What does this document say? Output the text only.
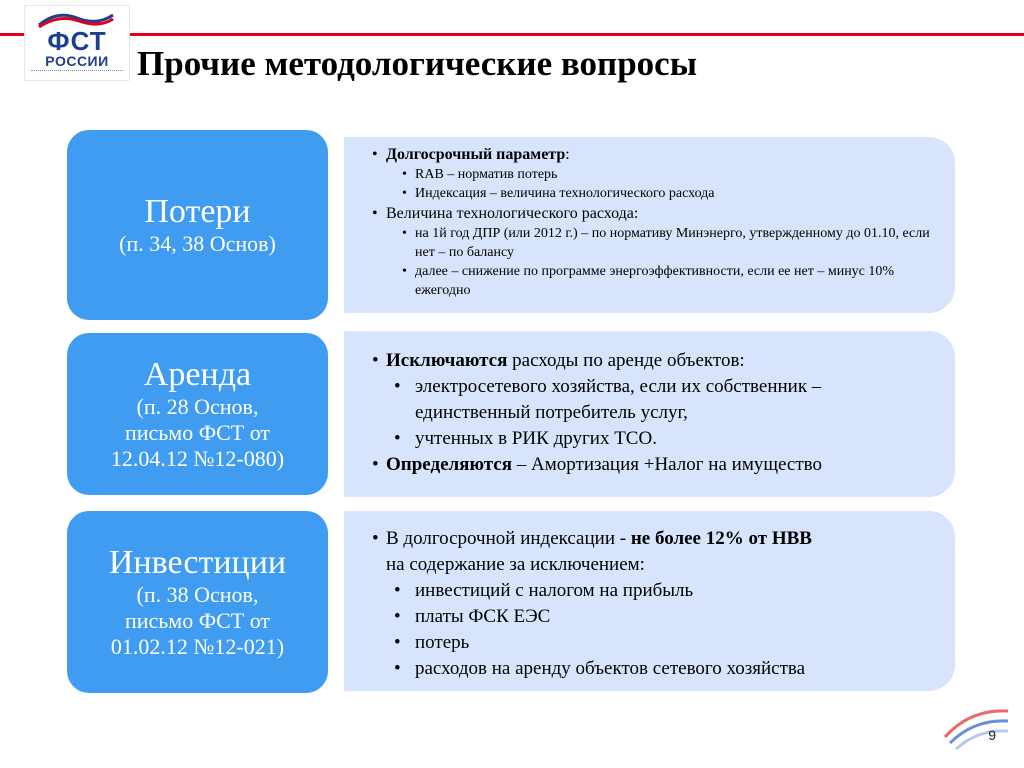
ФСТ
РОССИИ Прочие методологические вопросы
Потери
(п. 34, 38 Основ)
• Долгосрочный параметр:
• RAB – норматив потерь
• Индексация – величина технологического расхода
• Величина технологического расхода:
• на 1й год ДПР (или 2012 г.) – по нормативу Минэнерго, утвержденному до 01.10, если нет – по балансу
• далее – снижение по программе энергоэффективности, если ее нет – минус 10% ежегодно
Аренда
(п. 28 Основ,
письмо ФСТ от
12.04.12 №12-080)
• Исключаются расходы по аренде объектов:
• электросетевого хозяйства, если их собственник – единственный потребитель услуг,
• учтенных в РИК других ТСО.
• Определяются – Амортизация +Налог на имущество
Инвестиции
(п. 38 Основ,
письмо ФСТ от
01.02.12 №12-021)
• В долгосрочной индексации - не более 12% от НВВ
на содержание за исключением:
• инвестиций с налогом на прибыль
• платы ФСК ЕЭС
• потерь
• расходов на аренду объектов сетевого хозяйства
9
